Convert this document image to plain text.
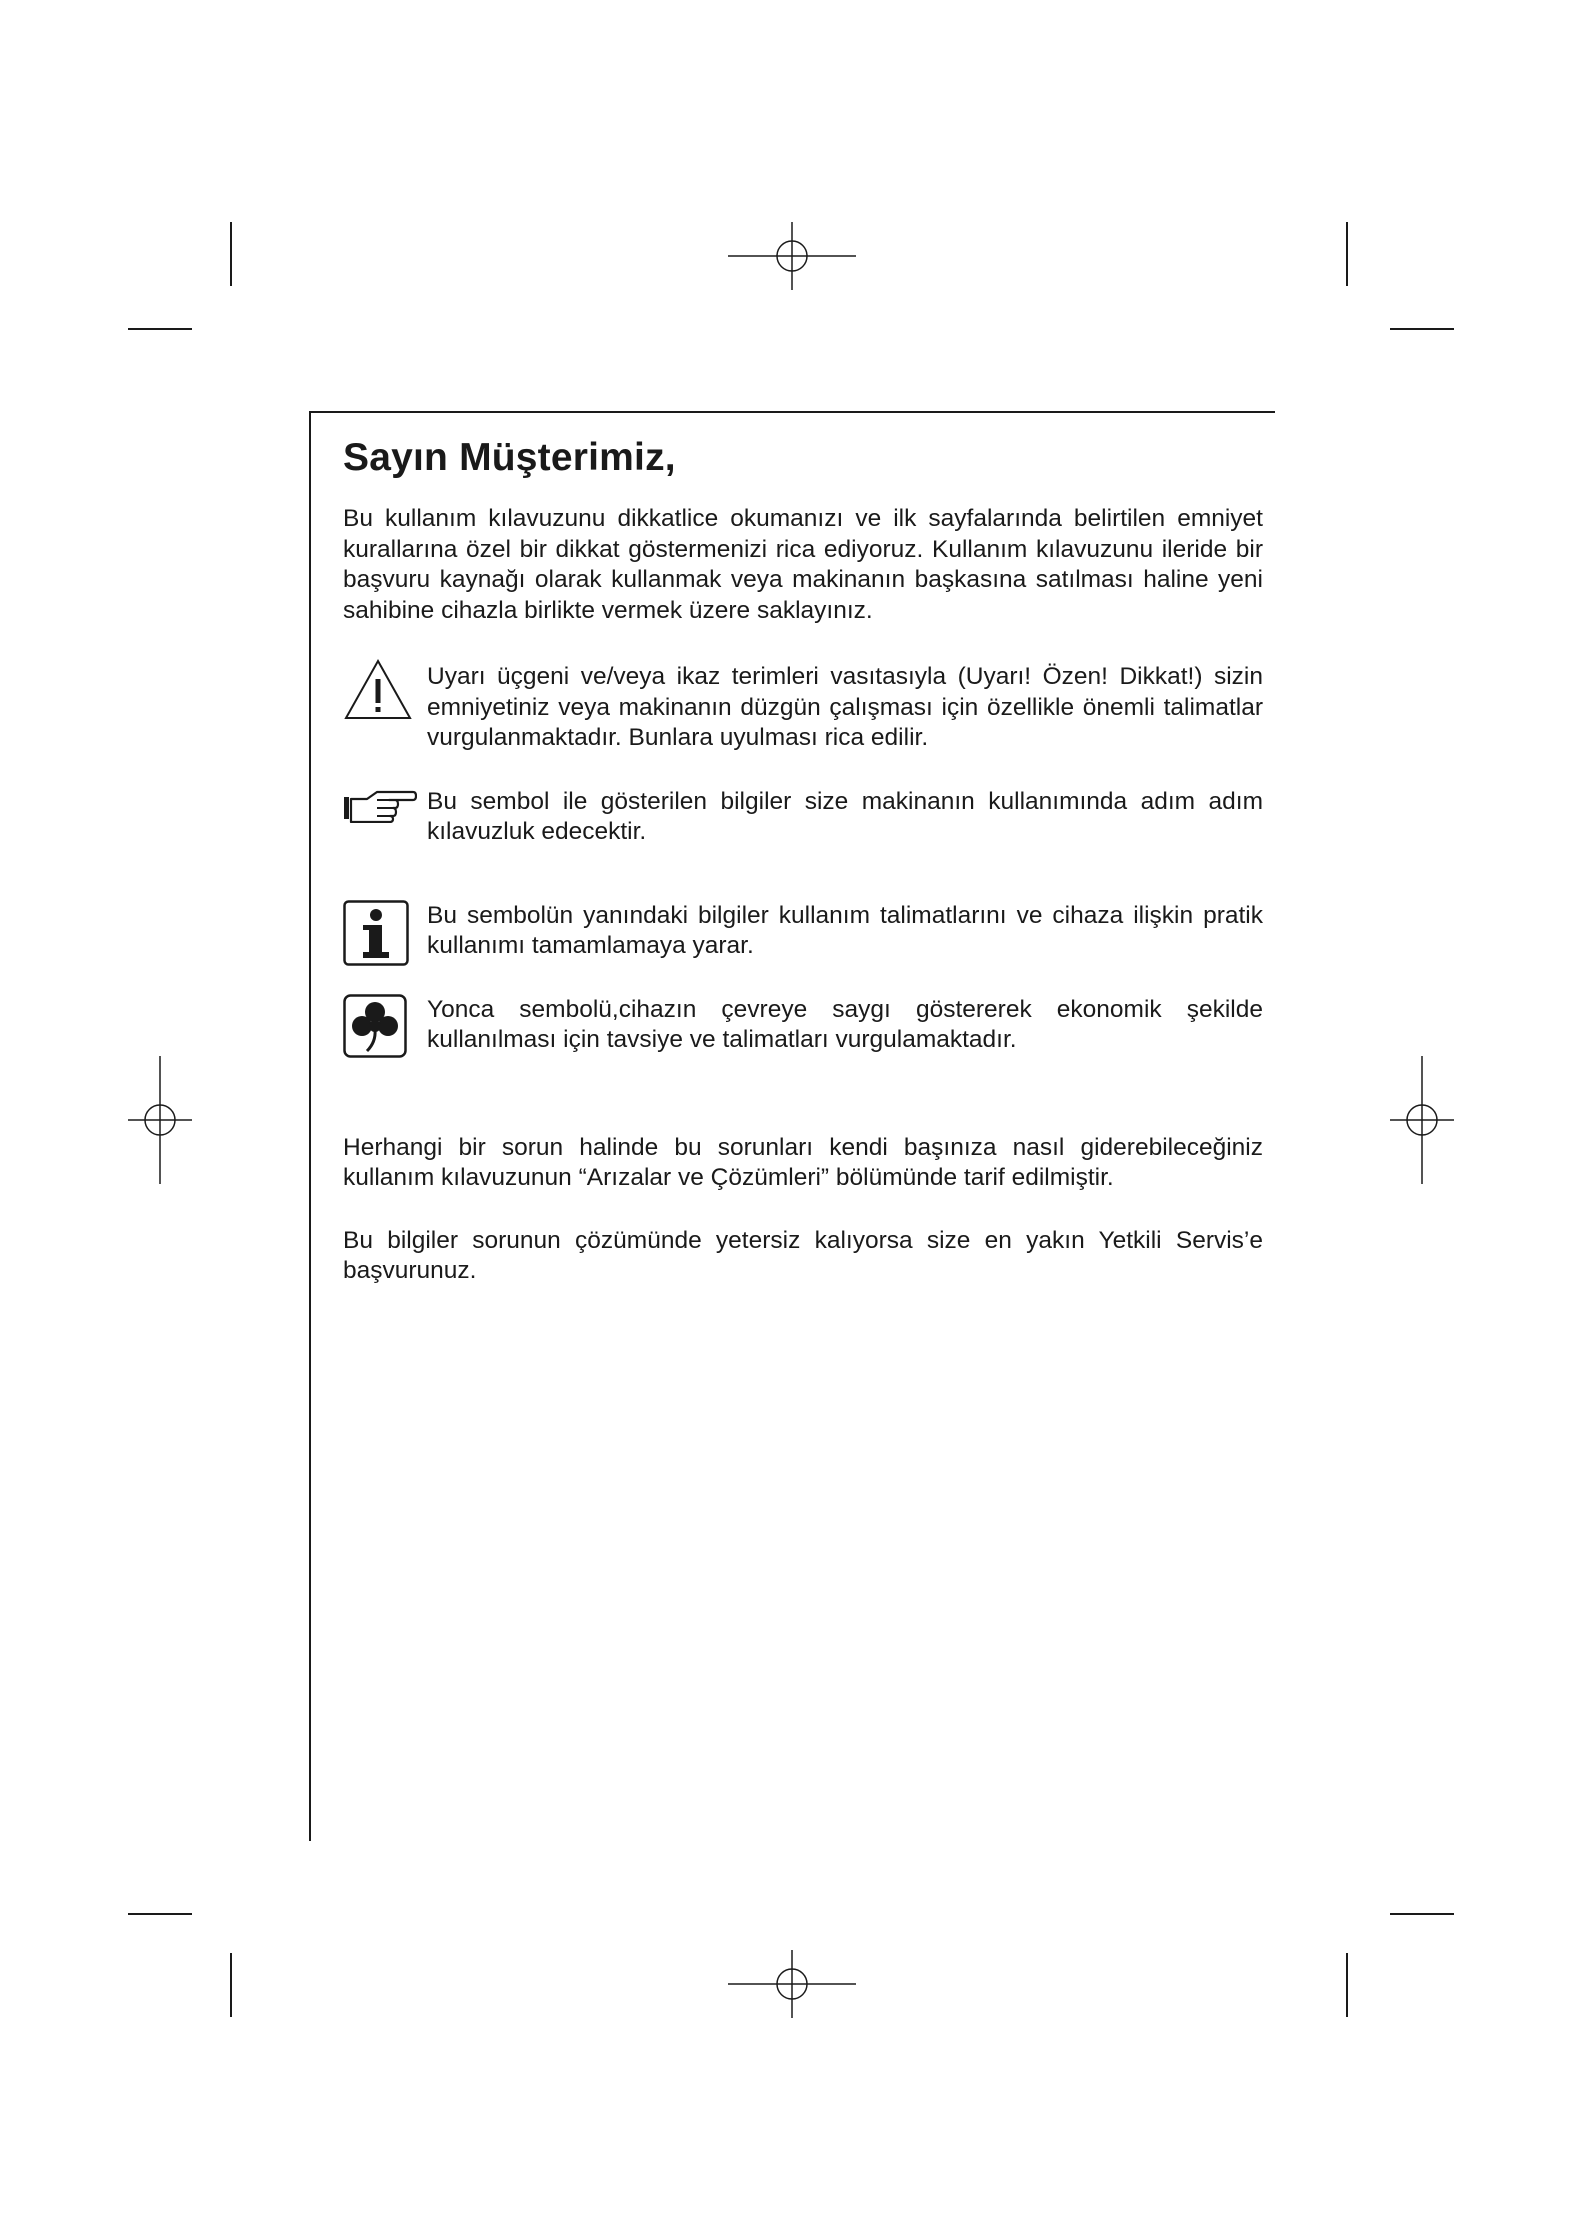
Sayın Müşterimiz,

Bu kullanım kılavuzunu dikkatlice okumanızı ve ilk sayfalarında belirtilen emniyet kurallarına özel bir dikkat göstermenizi rica ediyoruz. Kullanım kılavuzunu ileride bir başvuru kaynağı olarak kullanmak veya makinanın başkasına satılması haline yeni sahibine cihazla birlikte vermek üzere saklayınız.

Uyarı üçgeni ve/veya ikaz terimleri vasıtasıyla (Uyarı! Özen! Dikkat!) sizin emniyetiniz veya makinanın düzgün çalışması için özellikle önemli talimatlar vurgulanmaktadır. Bunlara uyulması rica edilir.

Bu sembol ile gösterilen bilgiler size makinanın kullanımında adım adım kılavuzluk edecektir.

Bu sembolün yanındaki bilgiler kullanım talimatlarını ve cihaza ilişkin pratik kullanımı tamamlamaya yarar.

Yonca sembolü,cihazın çevreye saygı göstererek ekonomik şekilde kullanılması için tavsiye ve talimatları vurgulamaktadır.

Herhangi bir sorun halinde bu sorunları kendi başınıza nasıl giderebileceğiniz kullanım kılavuzunun “Arızalar ve Çözümleri” bölümünde tarif edilmiştir.

Bu bilgiler sorunun çözümünde yetersiz kalıyorsa size en yakın Yetkili Servis’e başvurunuz.
